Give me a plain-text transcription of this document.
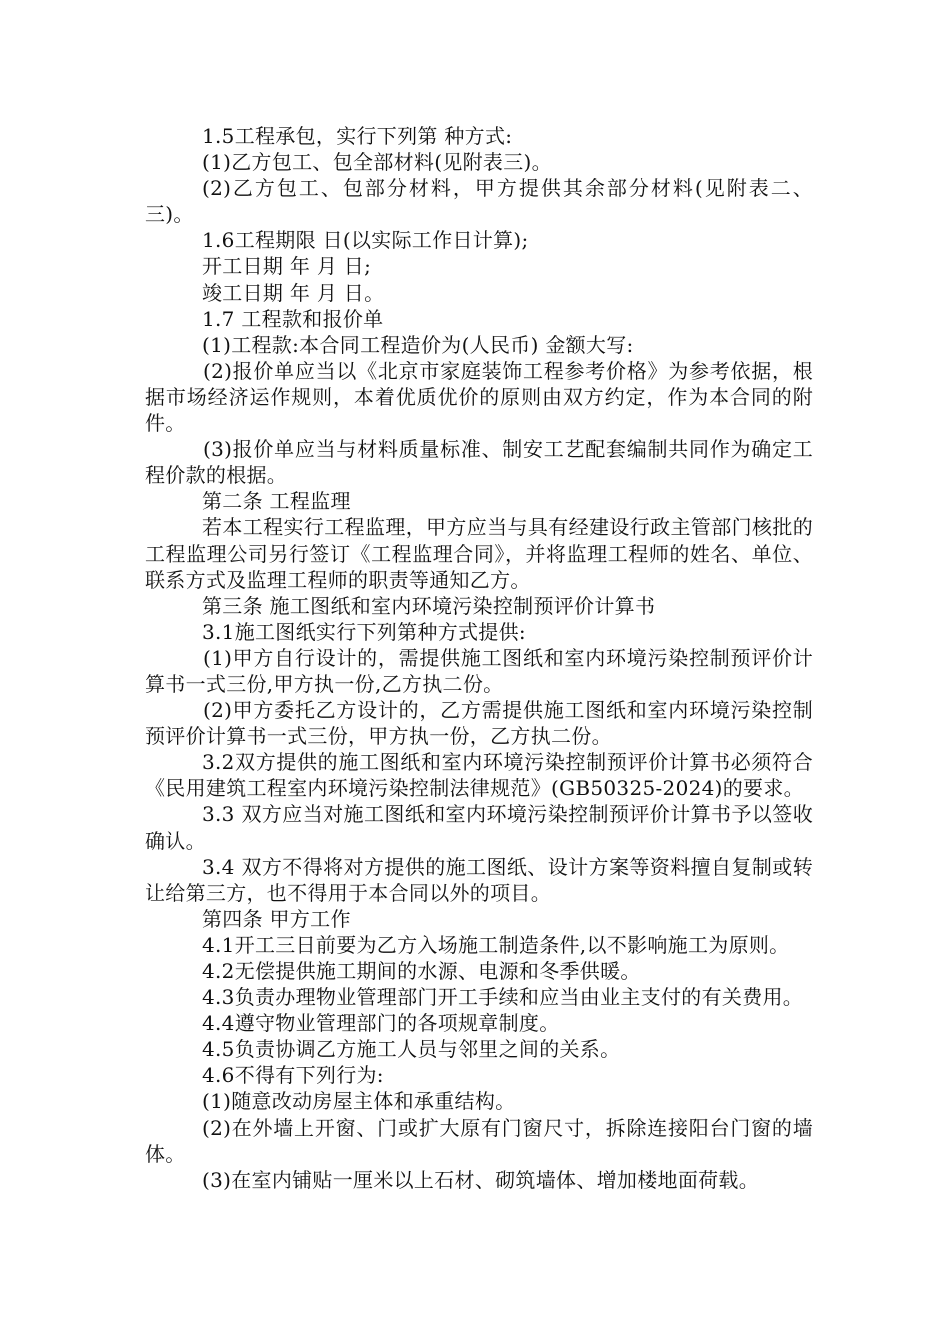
1.5工程承包，实行下列第 种方式:

(1)乙方包工、包全部材料(见附表三)。

(2)乙方包工、包部分材料，甲方提供其余部分材料(见附表二、三)。

1.6工程期限 日(以实际工作日计算);

开工日期 年 月 日;

竣工日期 年 月 日。

1.7 工程款和报价单

(1)工程款:本合同工程造价为(人民币) 金额大写:

(2)报价单应当以《北京市家庭装饰工程参考价格》为参考依据，根据市场经济运作规则，本着优质优价的原则由双方约定，作为本合同的附件。

(3)报价单应当与材料质量标准、制安工艺配套编制共同作为确定工程价款的根据。

第二条 工程监理

若本工程实行工程监理，甲方应当与具有经建设行政主管部门核批的工程监理公司另行签订《工程监理合同》，并将监理工程师的姓名、单位、联系方式及监理工程师的职责等通知乙方。

第三条 施工图纸和室内环境污染控制预评价计算书

3.1施工图纸实行下列第种方式提供:

(1)甲方自行设计的，需提供施工图纸和室内环境污染控制预评价计算书一式三份,甲方执一份,乙方执二份。

(2)甲方委托乙方设计的，乙方需提供施工图纸和室内环境污染控制预评价计算书一式三份，甲方执一份，乙方执二份。

3.2双方提供的施工图纸和室内环境污染控制预评价计算书必须符合《民用建筑工程室内环境污染控制法律规范》(GB50325-2024)的要求。

3.3 双方应当对施工图纸和室内环境污染控制预评价计算书予以签收确认。

3.4 双方不得将对方提供的施工图纸、设计方案等资料擅自复制或转让给第三方，也不得用于本合同以外的项目。

第四条 甲方工作

4.1开工三日前要为乙方入场施工制造条件,以不影响施工为原则。

4.2无偿提供施工期间的水源、电源和冬季供暖。

4.3负责办理物业管理部门开工手续和应当由业主支付的有关费用。

4.4遵守物业管理部门的各项规章制度。

4.5负责协调乙方施工人员与邻里之间的关系。

4.6不得有下列行为:

(1)随意改动房屋主体和承重结构。

(2)在外墙上开窗、门或扩大原有门窗尺寸，拆除连接阳台门窗的墙体。

(3)在室内铺贴一厘米以上石材、砌筑墙体、增加楼地面荷载。
